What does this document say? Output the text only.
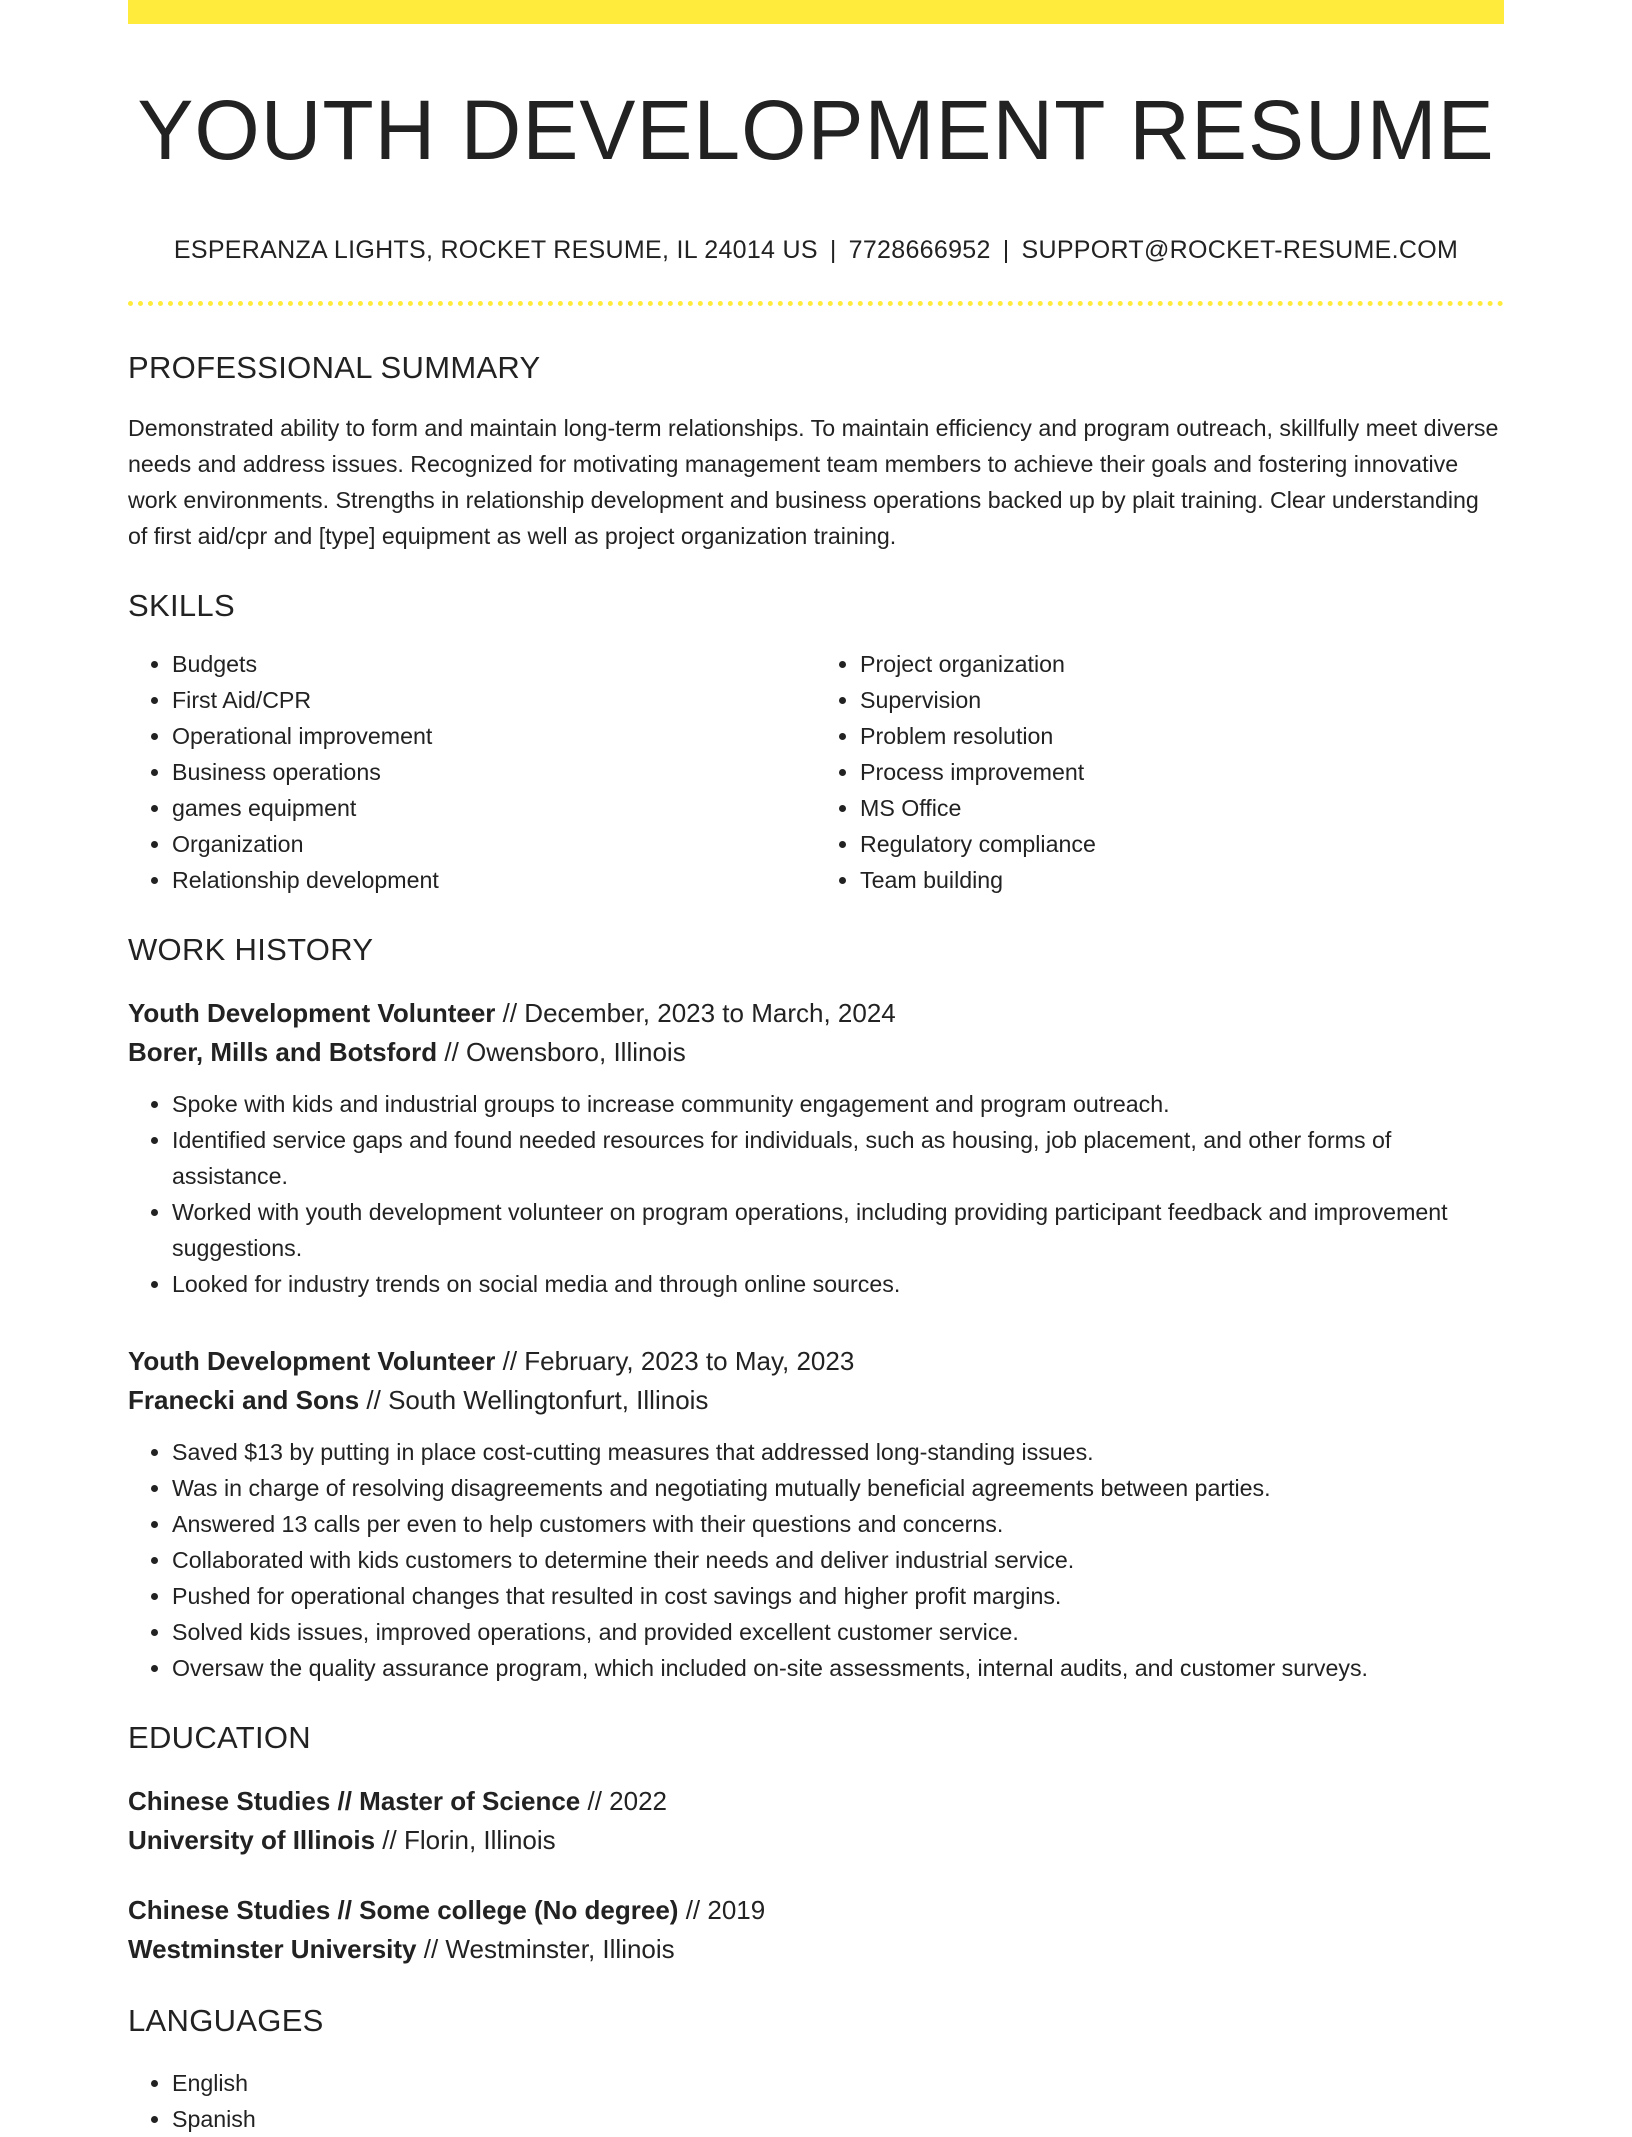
YOUTH DEVELOPMENT RESUME
ESPERANZA LIGHTS, ROCKET RESUME, IL 24014 US | 7728666952 | SUPPORT@ROCKET-RESUME.COM
PROFESSIONAL SUMMARY

Demonstrated ability to form and maintain long-term relationships. To maintain efficiency and program outreach, skillfully meet diverse needs and address issues. Recognized for motivating management team members to achieve their goals and fostering innovative work environments. Strengths in relationship development and business operations backed up by plait training. Clear understanding of first aid/cpr and [type] equipment as well as project organization training.

SKILLS
• Budgets
• First Aid/CPR
• Operational improvement
• Business operations
• games equipment
• Organization
• Relationship development
• Project organization
• Supervision
• Problem resolution
• Process improvement
• MS Office
• Regulatory compliance
• Team building
WORK HISTORY
Youth Development Volunteer // December, 2023 to March, 2024
Borer, Mills and Botsford // Owensboro, Illinois
• Spoke with kids and industrial groups to increase community engagement and program outreach.
• Identified service gaps and found needed resources for individuals, such as housing, job placement, and other forms of assistance.
• Worked with youth development volunteer on program operations, including providing participant feedback and improvement suggestions.
• Looked for industry trends on social media and through online sources.
Youth Development Volunteer // February, 2023 to May, 2023
Franecki and Sons // South Wellingtonfurt, Illinois
• Saved $13 by putting in place cost-cutting measures that addressed long-standing issues.
• Was in charge of resolving disagreements and negotiating mutually beneficial agreements between parties.
• Answered 13 calls per even to help customers with their questions and concerns.
• Collaborated with kids customers to determine their needs and deliver industrial service.
• Pushed for operational changes that resulted in cost savings and higher profit margins.
• Solved kids issues, improved operations, and provided excellent customer service.
• Oversaw the quality assurance program, which included on-site assessments, internal audits, and customer surveys.
EDUCATION
Chinese Studies // Master of Science // 2022
University of Illinois // Florin, Illinois
Chinese Studies // Some college (No degree) // 2019
Westminster University // Westminster, Illinois
LANGUAGES
• English
• Spanish
